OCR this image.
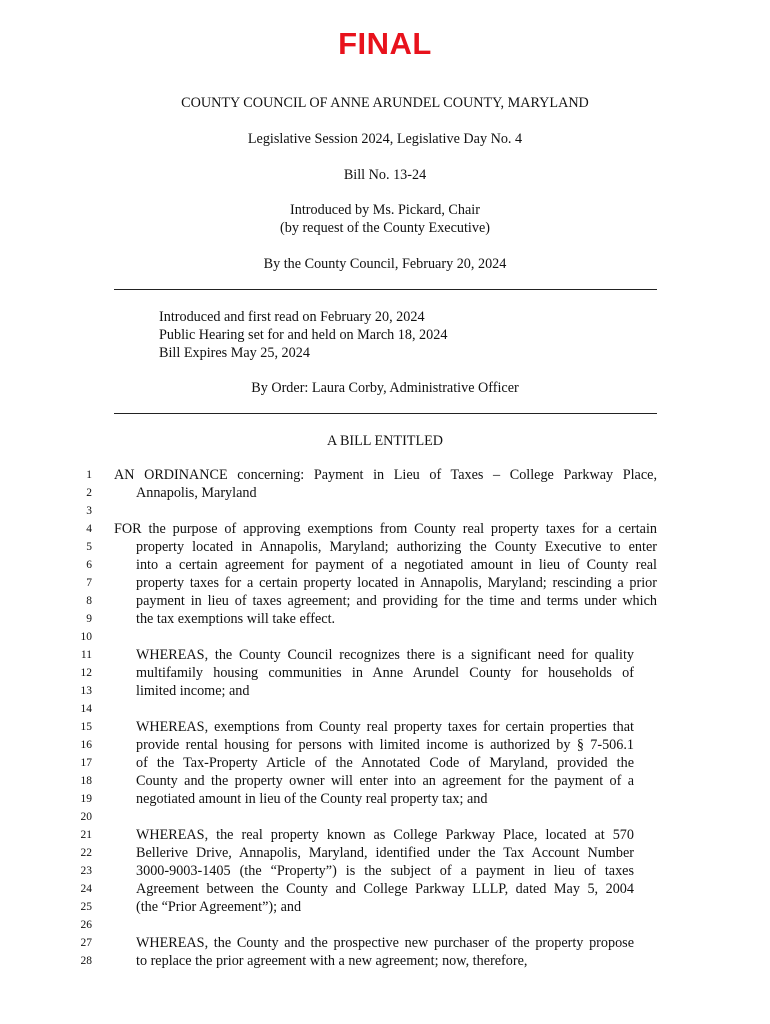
FINAL
COUNTY COUNCIL OF ANNE ARUNDEL COUNTY, MARYLAND
Legislative Session 2024, Legislative Day No. 4
Bill No. 13-24
Introduced by Ms. Pickard, Chair
(by request of the County Executive)
By the County Council, February 20, 2024
Introduced and first read on February 20, 2024
Public Hearing set for and held on March 18, 2024
Bill Expires May 25, 2024
By Order: Laura Corby, Administrative Officer
A BILL ENTITLED
1
2
3
4
5
6
7
8
9
10
11
12
13
14
15
16
17
18
19
20
21
22
23
24
25
26
27
28
AN ORDINANCE concerning: Payment in Lieu of Taxes – College Parkway Place,
Annapolis, Maryland
FOR the purpose of approving exemptions from County real property taxes for a certain
property located in Annapolis, Maryland; authorizing the County Executive to enter
into a certain agreement for payment of a negotiated amount in lieu of County real
property taxes for a certain property located in Annapolis, Maryland; rescinding a prior
payment in lieu of taxes agreement; and providing for the time and terms under which
the tax exemptions will take effect.
WHEREAS, the County Council recognizes there is a significant need for quality
multifamily housing communities in Anne Arundel County for households of
limited income; and
WHEREAS, exemptions from County real property taxes for certain properties that
provide rental housing for persons with limited income is authorized by § 7-506.1
of the Tax-Property Article of the Annotated Code of Maryland, provided the
County and the property owner will enter into an agreement for the payment of a
negotiated amount in lieu of the County real property tax; and
WHEREAS, the real property known as College Parkway Place, located at 570
Bellerive Drive, Annapolis, Maryland, identified under the Tax Account Number
3000-9003-1405 (the “Property”) is the subject of a payment in lieu of taxes
Agreement between the County and College Parkway LLLP, dated May 5, 2004
(the “Prior Agreement”); and
WHEREAS, the County and the prospective new purchaser of the property propose
to replace the prior agreement with a new agreement; now, therefore,
